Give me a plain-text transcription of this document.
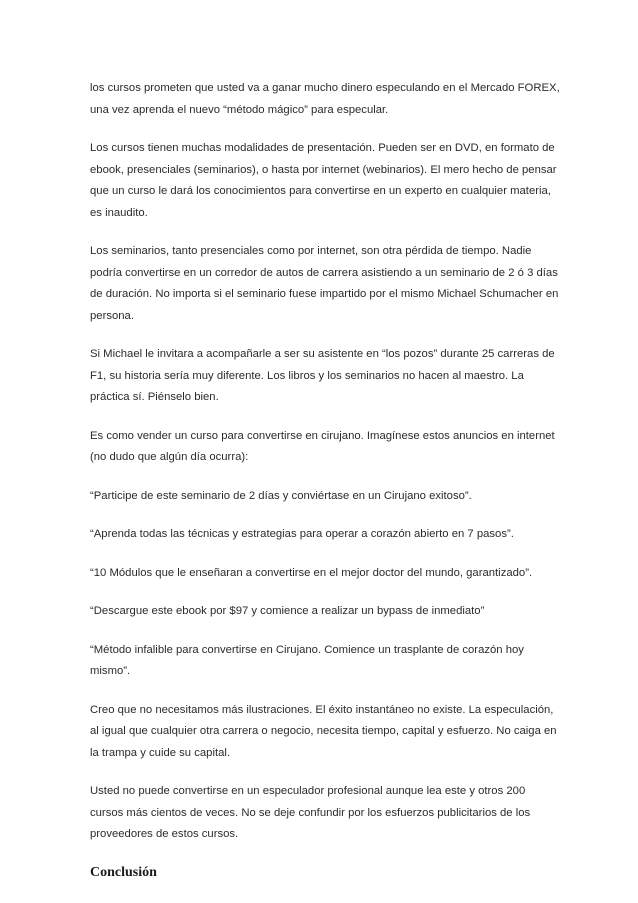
los cursos prometen que usted va a ganar mucho dinero especulando en el Mercado FOREX, una vez aprenda el nuevo “método mágico” para especular.

Los cursos tienen muchas modalidades de presentación. Pueden ser en DVD, en formato de ebook, presenciales (seminarios), o hasta por internet (webinarios). El mero hecho de pensar que un curso le dará los conocimientos para convertirse en un experto en cualquier materia, es inaudito.

Los seminarios, tanto presenciales como por internet, son otra pérdida de tiempo. Nadie podría convertirse en un corredor de autos de carrera asistiendo a un seminario de 2 ó 3 días de duración. No importa si el seminario fuese impartido por el mismo Michael Schumacher en persona.

Si Michael le invitara a acompañarle a ser su asistente en “los pozos” durante 25 carreras de F1, su historia sería muy diferente. Los libros y los seminarios no hacen al maestro. La práctica sí. Piénselo bien.

Es como vender un curso para convertirse en cirujano. Imagínese estos anuncios en internet (no dudo que algún día ocurra):

“Participe de este seminario de 2 días y conviértase en un Cirujano exitoso”.

“Aprenda todas las técnicas y estrategias para operar a corazón abierto en 7 pasos”.

“10 Módulos que le enseñaran a convertirse en el mejor doctor del mundo, garantizado”.

“Descargue este ebook por $97 y comience a realizar un bypass de inmediato”

“Método infalible para convertirse en Cirujano. Comience un trasplante de corazón hoy mismo”.

Creo que no necesitamos más ilustraciones. El éxito instantáneo no existe. La especulación, al igual que cualquier otra carrera o negocio, necesita tiempo, capital y esfuerzo. No caiga en la trampa y cuide su capital.

Usted no puede convertirse en un especulador profesional aunque lea este y otros 200 cursos más cientos de veces. No se deje confundir por los esfuerzos publicitarios de los proveedores de estos cursos.

Conclusión
